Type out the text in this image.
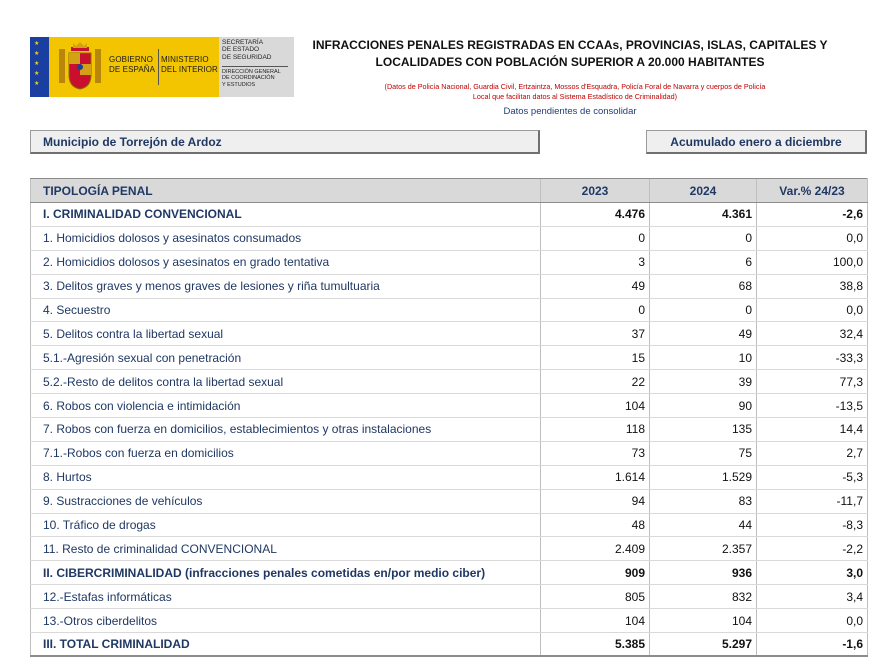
★
★
★
★
★
GOBIERNO
DE ESPAÑA
MINISTERIO
DEL INTERIOR
SECRETARÍA
DE ESTADO
DE SEGURIDAD
DIRECCIÓN GENERAL
DE COORDINACIÓN
Y ESTUDIOS
INFRACCIONES PENALES REGISTRADAS EN CCAAs, PROVINCIAS, ISLAS, CAPITALES Y
LOCALIDADES CON POBLACIÓN SUPERIOR A 20.000 HABITANTES
(Datos de Policía Nacional, Guardia Civil, Ertzaintza, Mossos d'Esquadra, Policía Foral de Navarra y cuerpos de Policía
Local que facilitan datos al Sistema Estadístico de Criminalidad)
Datos pendientes de consolidar
Municipio de Torrejón de Ardoz	Acumulado enero a diciembre
TIPOLOGÍA PENAL	2023	2024	Var.% 24/23
I. CRIMINALIDAD CONVENCIONAL	4.476	4.361	-2,6
1. Homicidios dolosos y asesinatos consumados	0	0	0,0
2. Homicidios dolosos y asesinatos en grado tentativa	3	6	100,0
3. Delitos graves y menos graves de lesiones y riña tumultuaria	49	68	38,8
4. Secuestro	0	0	0,0
5. Delitos contra la libertad sexual	37	49	32,4
5.1.-Agresión sexual con penetración	15	10	-33,3
5.2.-Resto de delitos contra la libertad sexual	22	39	77,3
6. Robos con violencia e intimidación	104	90	-13,5
7. Robos con fuerza en domicilios, establecimientos y otras instalaciones	118	135	14,4
7.1.-Robos con fuerza en domicilios	73	75	2,7
8. Hurtos	1.614	1.529	-5,3
9. Sustracciones de vehículos	94	83	-11,7
10. Tráfico de drogas	48	44	-8,3
11. Resto de criminalidad CONVENCIONAL	2.409	2.357	-2,2
II. CIBERCRIMINALIDAD (infracciones penales cometidas en/por medio ciber)	909	936	3,0
12.-Estafas informáticas	805	832	3,4
13.-Otros ciberdelitos	104	104	0,0
III. TOTAL CRIMINALIDAD	5.385	5.297	-1,6
